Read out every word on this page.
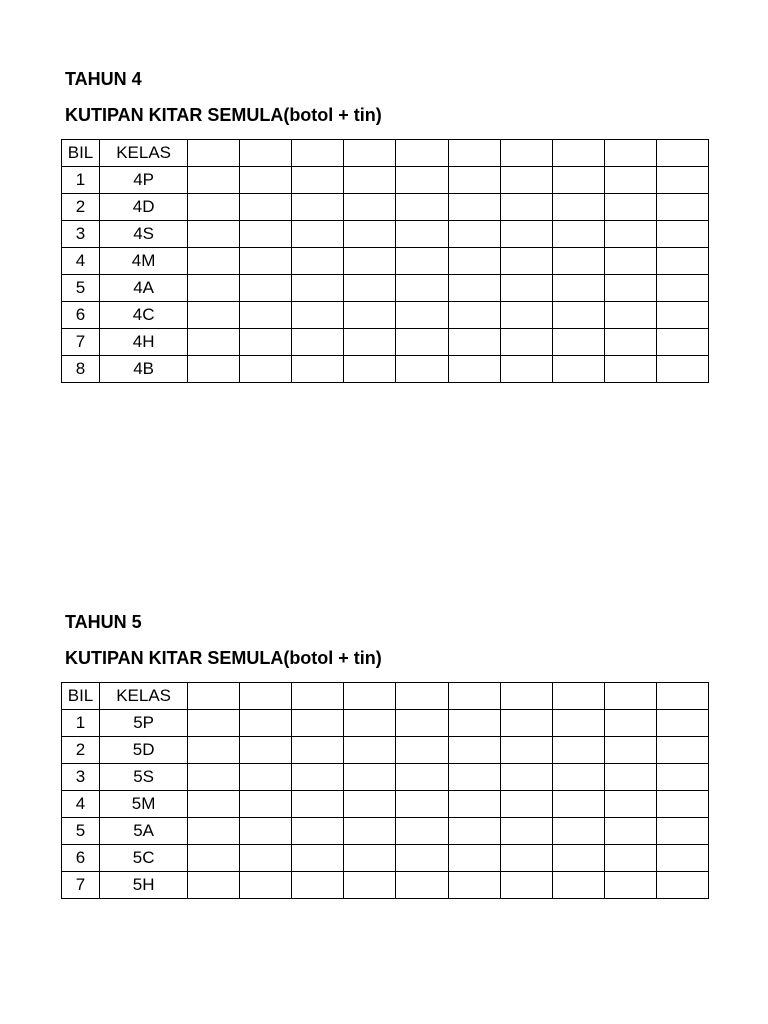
TAHUN 4
KUTIPAN KITAR SEMULA(botol + tin)
BIL	KELAS										
1	4P										
2	4D										
3	4S										
4	4M										
5	4A										
6	4C										
7	4H										
8	4B										
TAHUN 5
KUTIPAN KITAR SEMULA(botol + tin)
BIL	KELAS										
1	5P										
2	5D										
3	5S										
4	5M										
5	5A										
6	5C										
7	5H										
